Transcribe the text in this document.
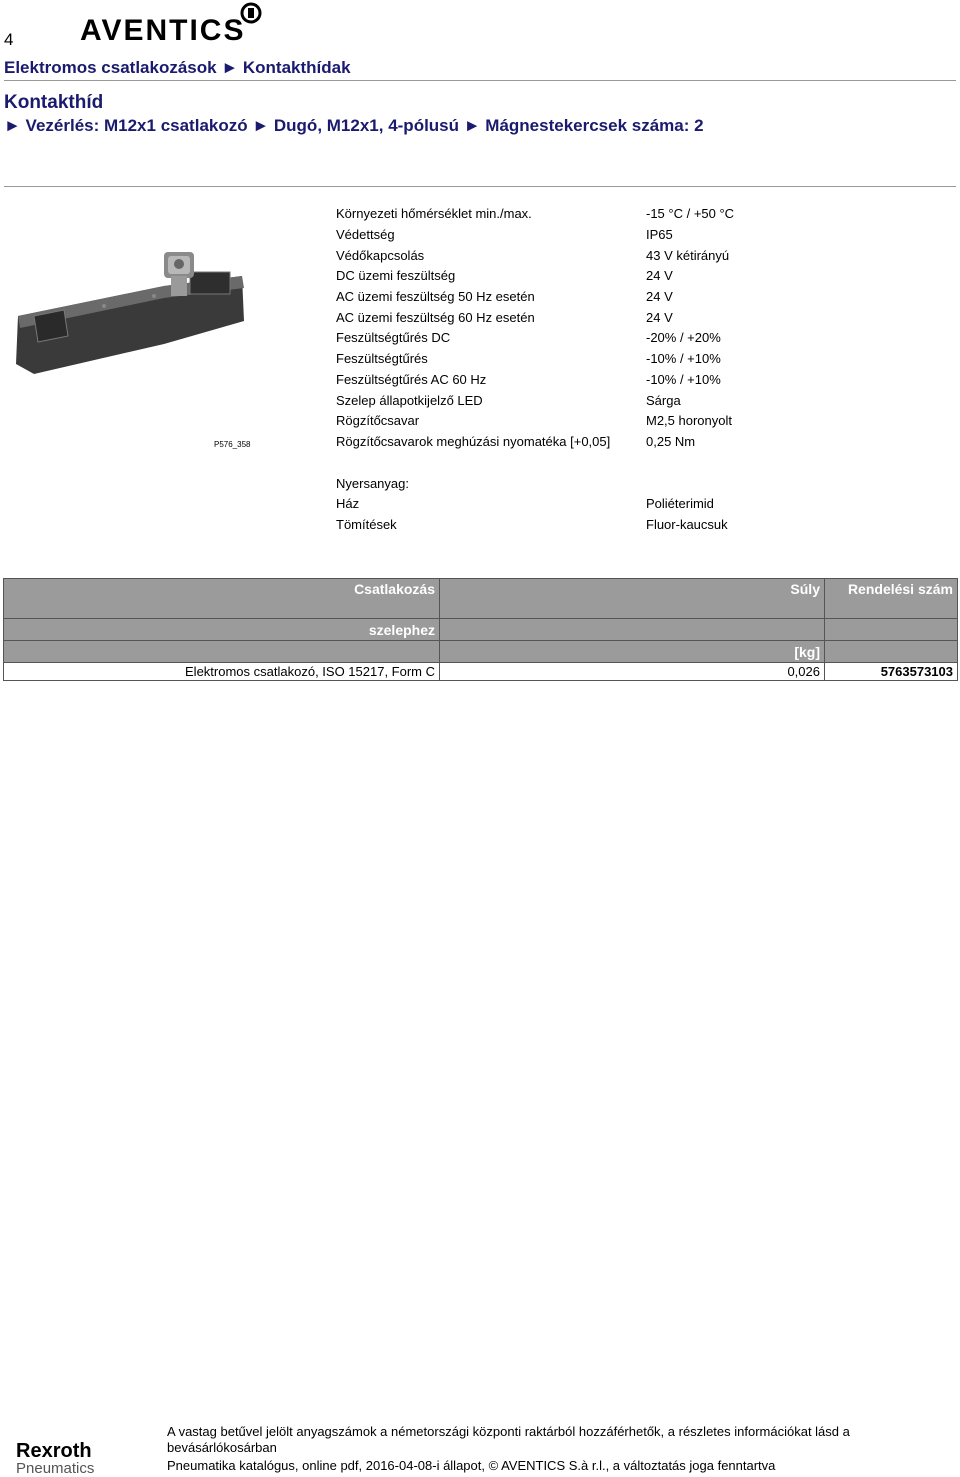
4 AVENTICS
Elektromos csatlakozások ► Kontakthídak
Kontakthíd
► Vezérlés: M12x1 csatlakozó ► Dugó, M12x1, 4-pólusú ► Mágnestekercsek száma: 2
P576_358
Környezeti hőmérséklet min./max.	-15 °C / +50 °C
Védettség	IP65
Védőkapcsolás	43 V kétirányú
DC üzemi feszültség	24 V
AC üzemi feszültség 50 Hz esetén	24 V
AC üzemi feszültség 60 Hz esetén	24 V
Feszültségtűrés DC	-20% / +20%
Feszültségtűrés	-10% / +10%
Feszültségtűrés AC 60 Hz	-10% / +10%
Szelep állapotkijelző LED	Sárga
Rögzítőcsavar	M2,5 horonyolt
Rögzítőcsavarok meghúzási nyomatéka [+0,05]	0,25 Nm
Nyersanyag:
Ház	Poliéterimid
Tömítések	Fluor-kaucsuk
Csatlakozás	Súly	Rendelési szám
szelephez		
	[kg]	
Elektromos csatlakozó, ISO 15217, Form C	0,026	5763573103
Rexroth
Pneumatics
A vastag betűvel jelölt anyagszámok a németországi központi raktárból hozzáférhetők, a részletes információkat lásd a bevásárlókosárban
Pneumatika katalógus, online pdf, 2016-04-08-i állapot, © AVENTICS S.à r.l., a változtatás joga fenntartva
